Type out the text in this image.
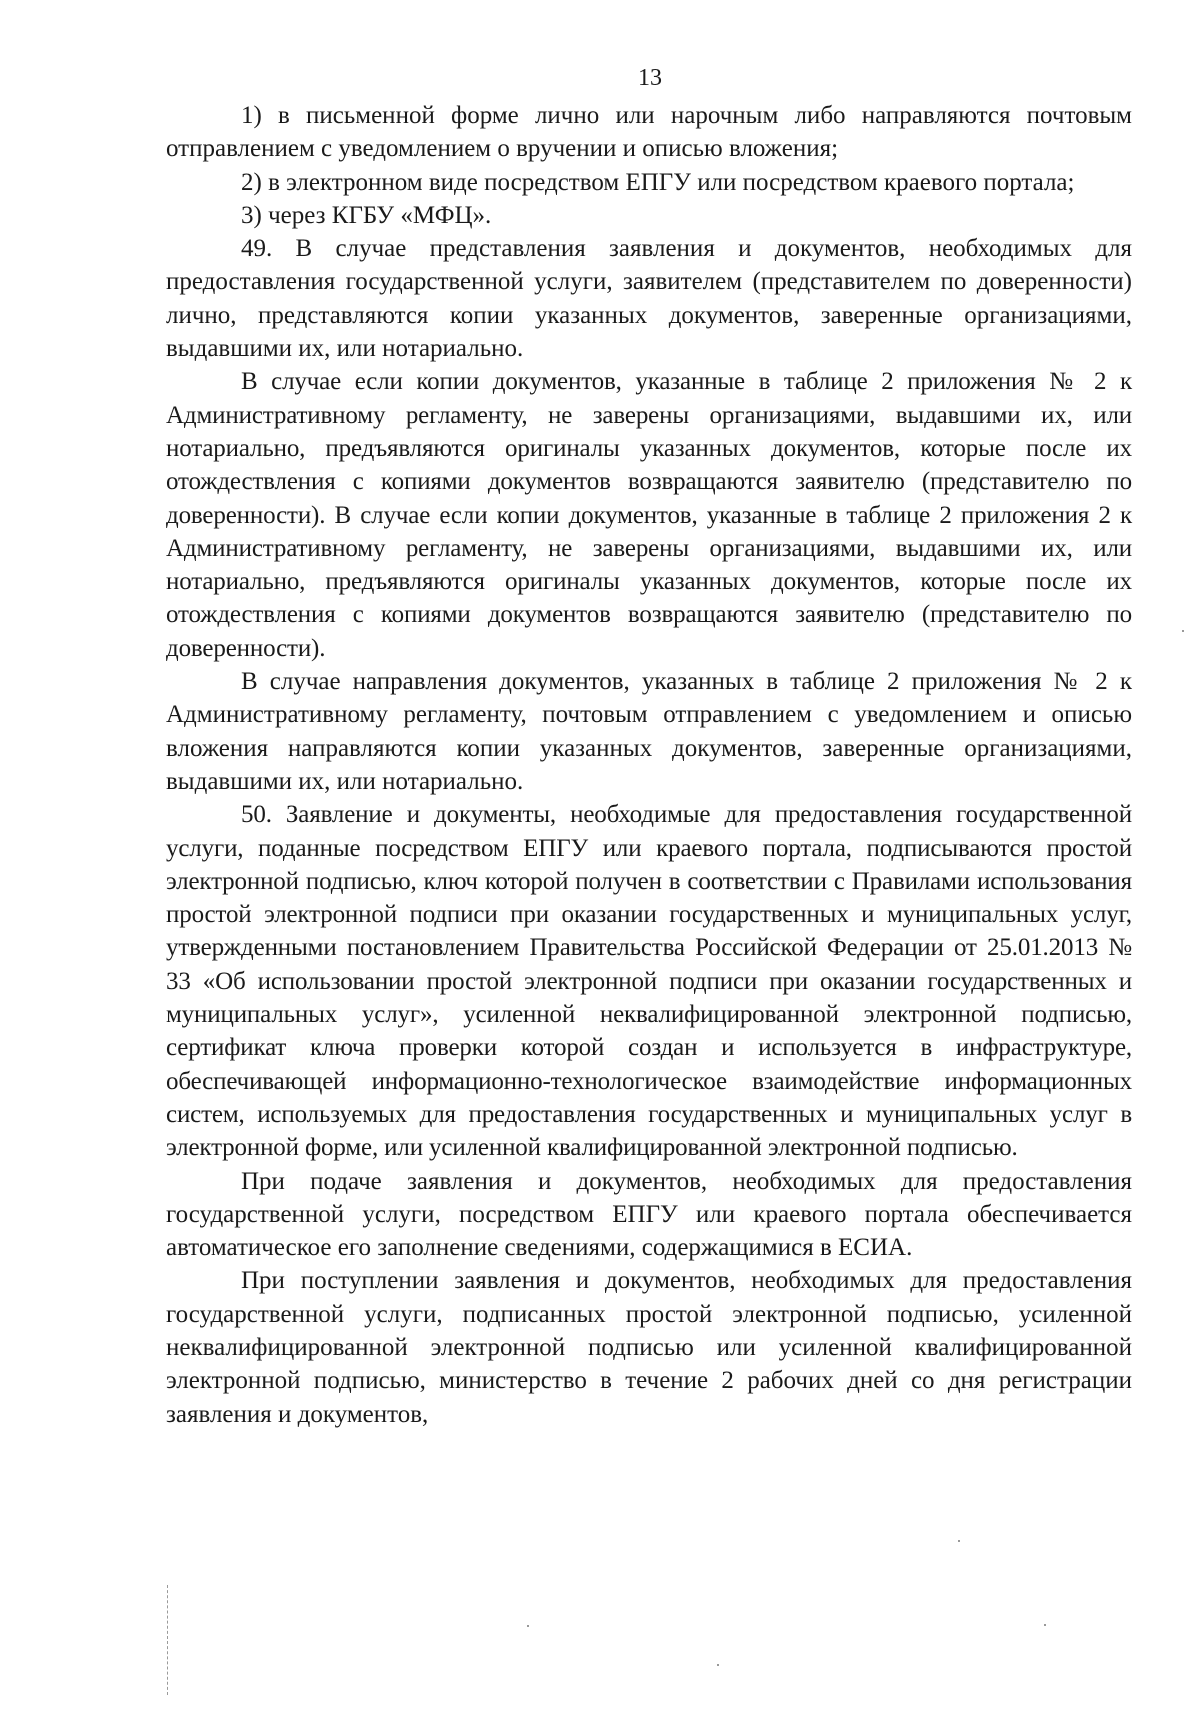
13

1) в письменной форме лично или нарочным либо направляются почтовым отправлением с уведомлением о вручении и описью вложения;

2) в электронном виде посредством ЕПГУ или посредством краевого портала;

3) через КГБУ «МФЦ».

49. В случае представления заявления и документов, необходимых для предоставления государственной услуги, заявителем (представителем по доверенности) лично, представляются копии указанных документов, заверенные организациями, выдавшими их, или нотариально.

В случае если копии документов, указанные в таблице 2 приложения № 2 к Административному регламенту, не заверены организациями, выдавшими их, или нотариально, предъявляются оригиналы указанных документов, которые после их отождествления с копиями документов возвращаются заявителю (представителю по доверенности). В случае если копии документов, указанные в таблице 2 приложения 2 к Административному регламенту, не заверены организациями, выдавшими их, или нотариально, предъявляются оригиналы указанных документов, которые после их отождествления с копиями документов возвращаются заявителю (представителю по доверенности).

В случае направления документов, указанных в таблице 2 приложения № 2 к Административному регламенту, почтовым отправлением с уведомлением и описью вложения направляются копии указанных документов, заверенные организациями, выдавшими их, или нотариально.

50. Заявление и документы, необходимые для предоставления государственной услуги, поданные посредством ЕПГУ или краевого портала, подписываются простой электронной подписью, ключ которой получен в соответствии с Правилами использования простой электронной подписи при оказании государственных и муниципальных услуг, утвержденными постановлением Правительства Российской Федерации от 25.01.2013 № 33 «Об использовании простой электронной подписи при оказании государственных и муниципальных услуг», усиленной неквалифицированной электронной подписью, сертификат ключа проверки которой создан и используется в инфраструктуре, обеспечивающей информационно-технологическое взаимодействие информационных систем, используемых для предоставления государственных и муниципальных услуг в электронной форме, или усиленной квалифицированной электронной подписью.

При подаче заявления и документов, необходимых для предоставления государственной услуги, посредством ЕПГУ или краевого портала обеспечивается автоматическое его заполнение сведениями, содержащимися в ЕСИА.

При поступлении заявления и документов, необходимых для предоставления государственной услуги, подписанных простой электронной подписью, усиленной неквалифицированной электронной подписью или усиленной квалифицированной электронной подписью, министерство в течение 2 рабочих дней со дня регистрации заявления и документов,
